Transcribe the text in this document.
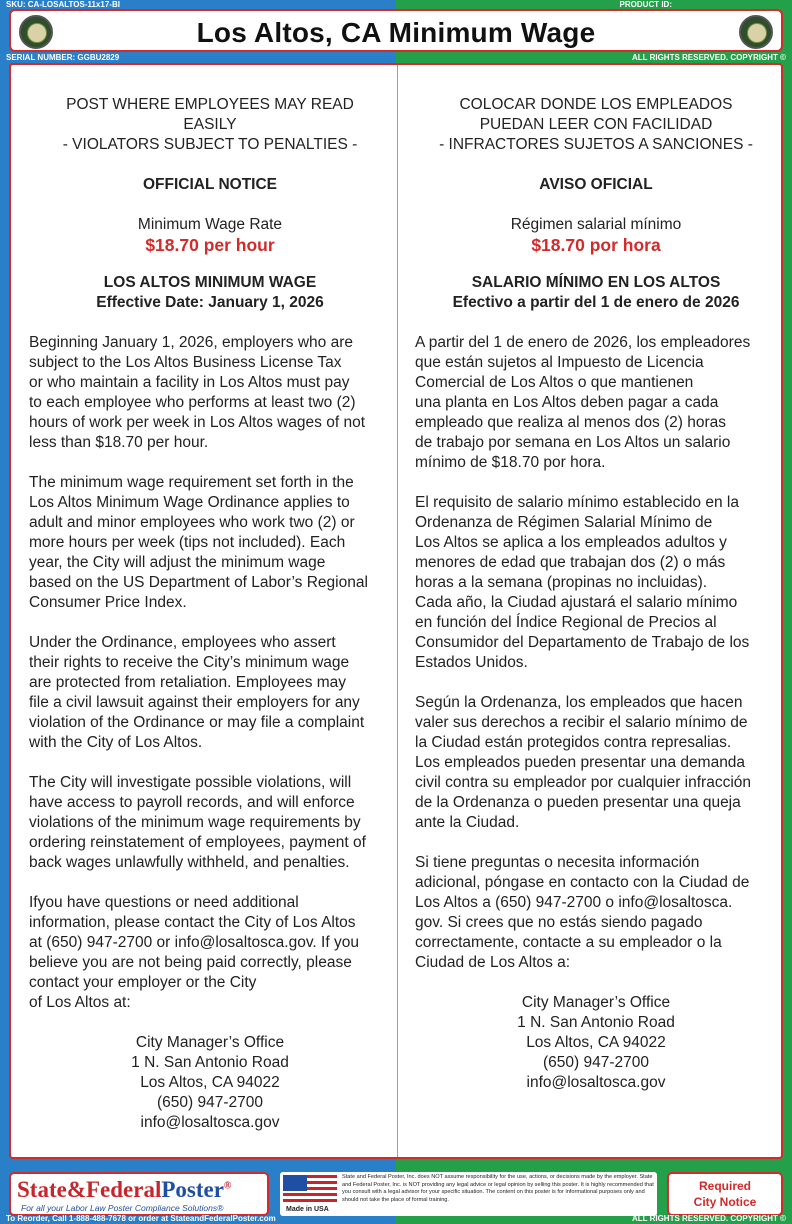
SKU: CA-LOSALTOS-11x17-BI	PRODUCT ID:
Los Altos, CA Minimum Wage
SERIAL NUMBER: GGBU2829	ALL RIGHTS RESERVED. COPYRIGHT ©
POST WHERE EMPLOYEES MAY READ
EASILY
- VIOLATORS SUBJECT TO PENALTIES -
OFFICIAL NOTICE
Minimum Wage Rate
$18.70 per hour
LOS ALTOS MINIMUM WAGE
Effective Date: January 1, 2026

Beginning January 1, 2026, employers who are
subject to the Los Altos Business License Tax
or who maintain a facility in Los Altos must pay
to each employee who performs at least two (2)
hours of work per week in Los Altos wages of not
less than $18.70 per hour.

The minimum wage requirement set forth in the
Los Altos Minimum Wage Ordinance applies to
adult and minor employees who work two (2) or
more hours per week (tips not included). Each
year, the City will adjust the minimum wage
based on the US Department of Labor’s Regional
Consumer Price Index.

Under the Ordinance, employees who assert
their rights to receive the City’s minimum wage
are protected from retaliation. Employees may
file a civil lawsuit against their employers for any
violation of the Ordinance or may file a complaint
with the City of Los Altos.

The City will investigate possible violations, will
have access to payroll records, and will enforce
violations of the minimum wage requirements by
ordering reinstatement of employees, payment of
back wages unlawfully withheld, and penalties.

Ifyou have questions or need additional
information, please contact the City of Los Altos
at (650) 947-2700 or info@losaltosca.gov. If you
believe you are not being paid correctly, please
contact your employer or the City
of Los Altos at:

City Manager’s Office
1 N. San Antonio Road
Los Altos, CA 94022
(650) 947-2700
info@losaltosca.gov
COLOCAR DONDE LOS EMPLEADOS
PUEDAN LEER CON FACILIDAD
- INFRACTORES SUJETOS A SANCIONES -
AVISO OFICIAL
Régimen salarial mínimo
$18.70 por hora
SALARIO MÍNIMO EN LOS ALTOS
Efectivo a partir del 1 de enero de 2026

A partir del 1 de enero de 2026, los empleadores
que están sujetos al Impuesto de Licencia
Comercial de Los Altos o que mantienen
una planta en Los Altos deben pagar a cada
empleado que realiza al menos dos (2) horas
de trabajo por semana en Los Altos un salario
mínimo de $18.70 por hora.

El requisito de salario mínimo establecido en la
Ordenanza de Régimen Salarial Mínimo de
Los Altos se aplica a los empleados adultos y
menores de edad que trabajan dos (2) o más
horas a la semana (propinas no incluidas).
Cada año, la Ciudad ajustará el salario mínimo
en función del Índice Regional de Precios al
Consumidor del Departamento de Trabajo de los
Estados Unidos.

Según la Ordenanza, los empleados que hacen
valer sus derechos a recibir el salario mínimo de
la Ciudad están protegidos contra represalias.
Los empleados pueden presentar una demanda
civil contra su empleador por cualquier infracción
de la Ordenanza o pueden presentar una queja
ante la Ciudad.

Si tiene preguntas o necesita información
adicional, póngase en contacto con la Ciudad de
Los Altos a (650) 947-2700 o info@losaltosca.
gov. Si crees que no estás siendo pagado
correctamente, contacte a su empleador o la
Ciudad de Los Altos a:

City Manager’s Office
1 N. San Antonio Road
Los Altos, CA 94022
(650) 947-2700
info@losaltosca.gov
State&FederalPoster®
For all your Labor Law Poster Compliance Solutions®	Made in USA
State and Federal Poster, Inc. does NOT assume responsibility for the use, actions, or decisions made by the employer. State and Federal Poster, Inc. is NOT providing any legal advice or legal opinion by selling this poster. It is highly recommended that you consult with a legal advisor for your specific situation. The content on this poster is for informational purposes only and should not take the place of formal training.
Required
City Notice
To Reorder, Call 1-888-488-7678 or order at StateandFederalPoster.com	ALL RIGHTS RESERVED. COPYRIGHT ©
